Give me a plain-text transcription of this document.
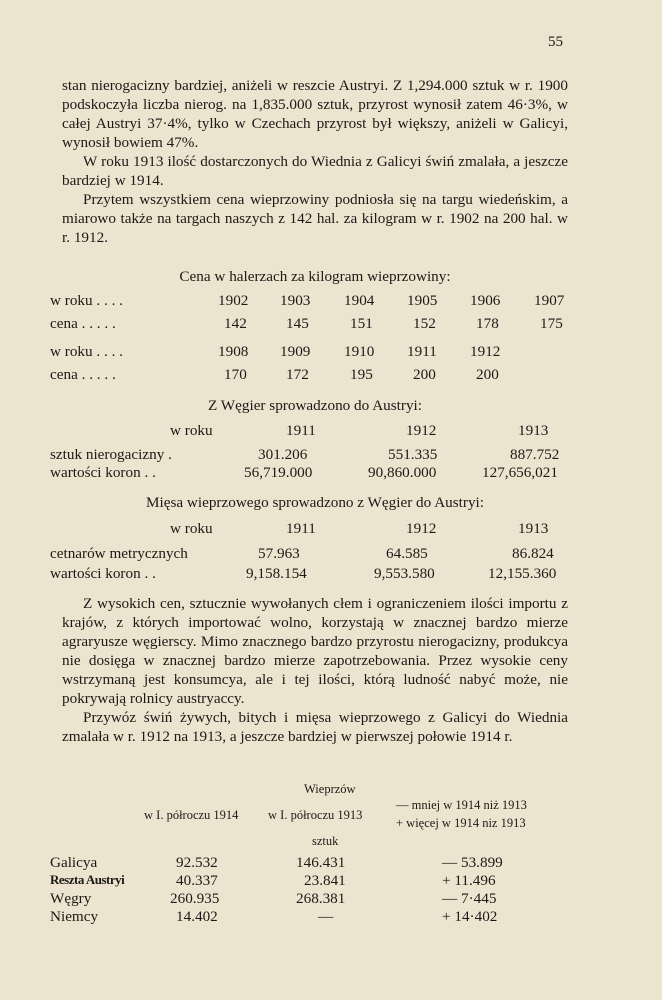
55

stan nierogacizny bardziej, aniżeli w reszcie Austryi. Z 1,294.000 sztuk w r. 1900 podskoczyła liczba nierog. na 1,835.000 sztuk, przyrost wynosił zatem 46·3%, w całej Austryi 37·4%, tylko w Czechach przyrost był większy, aniżeli w Galicyi, wynosił bowiem 47%.

W roku 1913 ilość dostarczonych do Wiednia z Galicyi świń zmalała, a jeszcze bardziej w 1914.

Przytem wszystkiem cena wieprzowiny podniosła się na targu wiedeńskim, a miarowo także na targach naszych z 142 hal. za kilogram w r. 1902 na 200 hal. w r. 1912.

Cena w halerzach za kilogram wieprzowiny:
w roku . . . .	1902 1903 1904 1905 1906 1907
cena . . . . .	142	145	151	152	178	175
w roku . . . .	1908 1909 1910 1911 1912
cena . . . . .	170	172	195	200	200
Z Węgier sprowadzono do Austryi:
w roku	1911	1912	1913
sztuk nierogacizny .	301.206	551.335	887.752
wartości koron . .	56,719.000	90,860.000	127,656,021
Mięsa wieprzowego sprowadzono z Węgier do Austryi:
w roku	1911	1912	1913
cetnarów metrycznych	57.963	64.585	86.824
wartości koron . .	9,158.154	9,553.580	12,155.360

Z wysokich cen, sztucznie wywołanych cłem i ograniczeniem ilości importu z krajów, z których importować wolno, korzystają w znacznej bardzo mierze agraryusze węgierscy. Mimo znacznego bardzo przyrostu nierogacizny, produkcya nie dosięga w znacznej bardzo mierze zapotrzebowania. Przez wysokie ceny wstrzymaną jest konsumcya, ale i tej ilości, którą ludność nabyć może, nie pokrywają rolnicy austryaccy.

Przywóz świń żywych, bitych i mięsa wieprzowego z Galicyi do Wiednia zmalała w r. 1912 na 1913, a jeszcze bardziej w pierwszej połowie 1914 r.

Wieprzów
w I. półroczu 1914 w I. półroczu 1913
— mniej w 1914 niż 1913
+ więcej w 1914 niz 1913
sztuk
Galicya	92.532	146.431	— 53.899
Reszta Austryi	40.337	23.841	+ 11.496
Węgry	260.935	268.381	— 7·445
Niemcy	14.402	—	+ 14·402
